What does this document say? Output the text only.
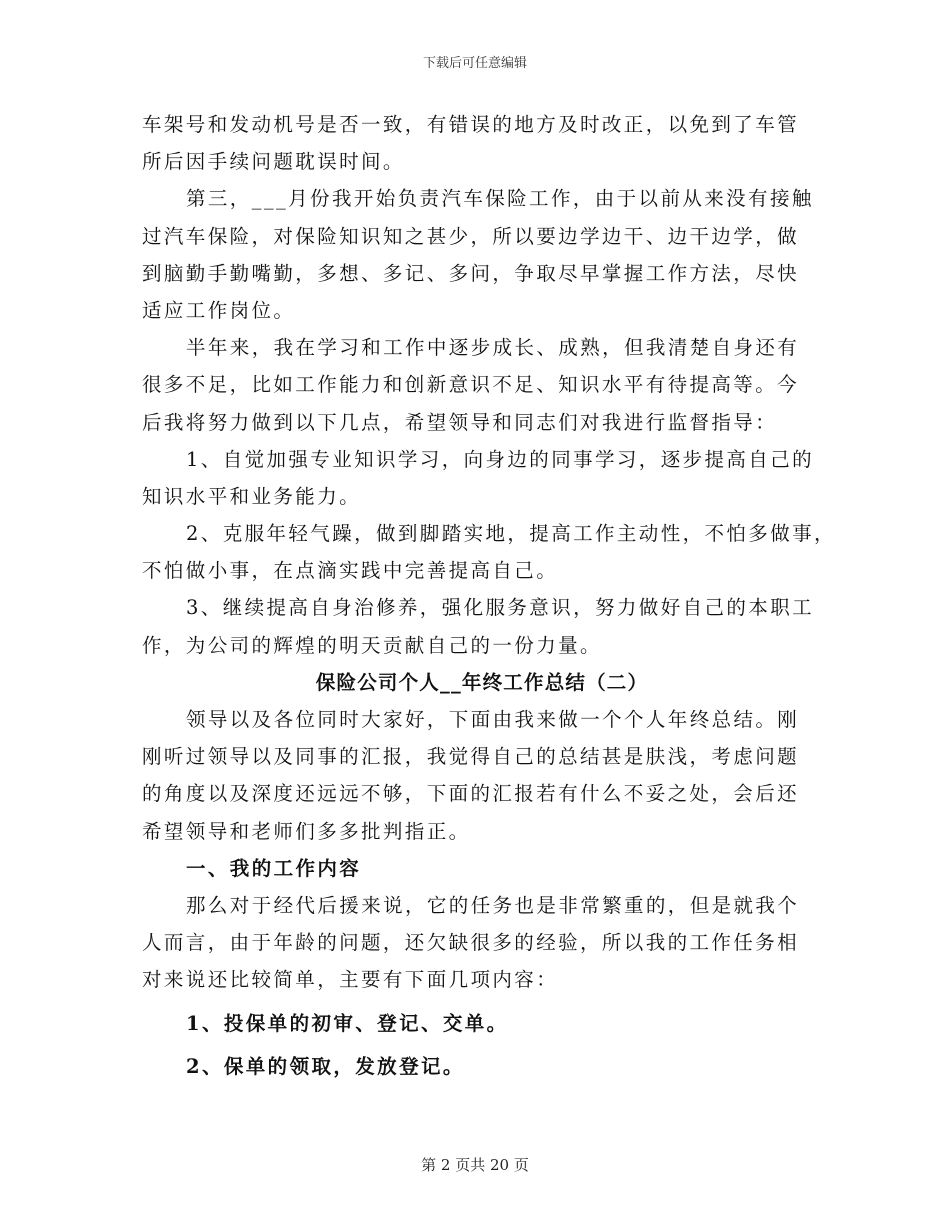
下载后可任意编辑
车架号和发动机号是否一致，有错误的地方及时改正，以免到了车管
所后因手续问题耽误时间。
第三，___月份我开始负责汽车保险工作，由于以前从来没有接触
过汽车保险，对保险知识知之甚少，所以要边学边干、边干边学，做
到脑勤手勤嘴勤，多想、多记、多问，争取尽早掌握工作方法，尽快
适应工作岗位。
半年来，我在学习和工作中逐步成长、成熟，但我清楚自身还有
很多不足，比如工作能力和创新意识不足、知识水平有待提高等。今
后我将努力做到以下几点，希望领导和同志们对我进行监督指导：
1、自觉加强专业知识学习，向身边的同事学习，逐步提高自己的
知识水平和业务能力。
2、克服年轻气躁，做到脚踏实地，提高工作主动性，不怕多做事，
不怕做小事，在点滴实践中完善提高自己。
3、继续提高自身治修养，强化服务意识，努力做好自己的本职工
作，为公司的辉煌的明天贡献自己的一份力量。
保险公司个人__年终工作总结（二）
领导以及各位同时大家好，下面由我来做一个个人年终总结。刚
刚听过领导以及同事的汇报，我觉得自己的总结甚是肤浅，考虑问题
的角度以及深度还远远不够，下面的汇报若有什么不妥之处，会后还
希望领导和老师们多多批判指正。
一、我的工作内容
那么对于经代后援来说，它的任务也是非常繁重的，但是就我个
人而言，由于年龄的问题，还欠缺很多的经验，所以我的工作任务相
对来说还比较简单，主要有下面几项内容：
1、投保单的初审、登记、交单。
2、保单的领取，发放登记。
第 2 页共 20 页
